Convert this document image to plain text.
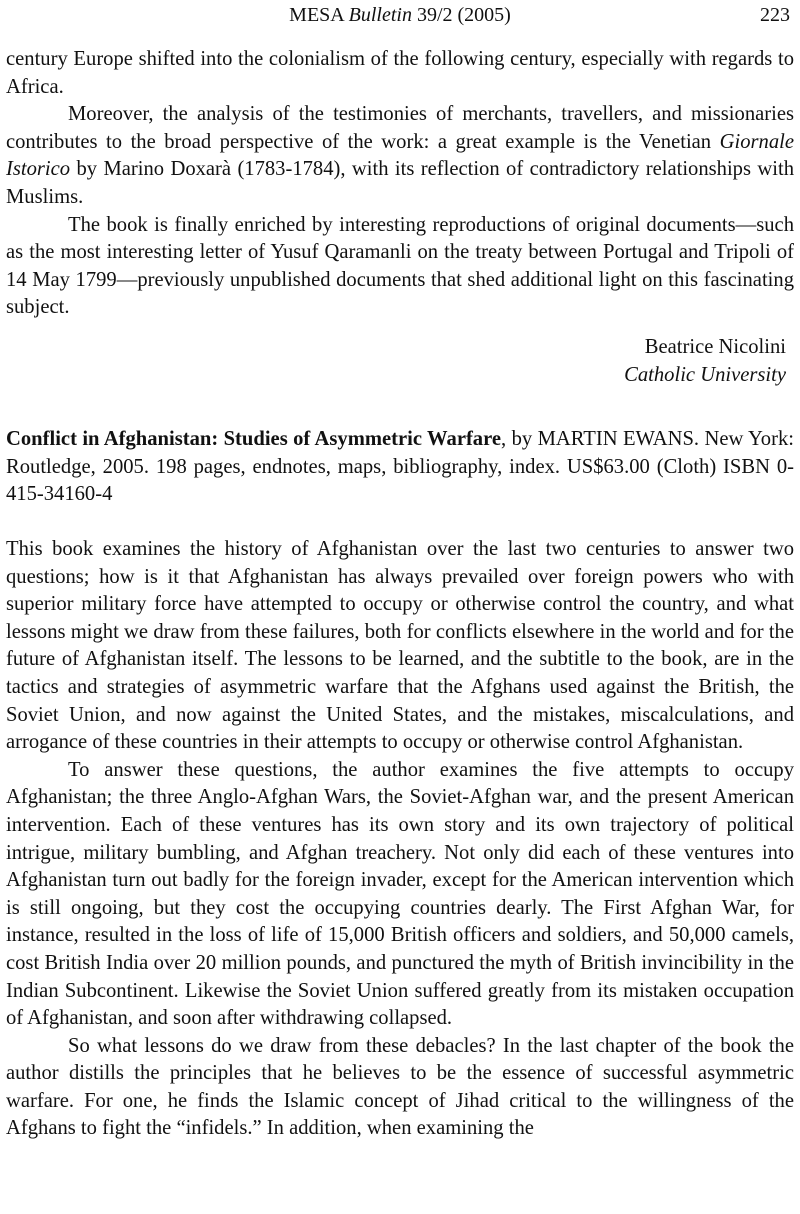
MESA Bulletin 39/2 (2005)	223

century Europe shifted into the colonialism of the following century, especially with regards to Africa.

Moreover, the analysis of the testimonies of merchants, travellers, and missionaries contributes to the broad perspective of the work: a great example is the Venetian Giornale Istorico by Marino Doxarà (1783-1784), with its reflection of contradictory relationships with Muslims.

The book is finally enriched by interesting reproductions of original documents—such as the most interesting letter of Yusuf Qaramanli on the treaty between Portugal and Tripoli of 14 May 1799—previously unpublished documents that shed additional light on this fascinating subject.

Beatrice Nicolini
Catholic University

Conflict in Afghanistan: Studies of Asymmetric Warfare, by MARTIN EWANS. New York: Routledge, 2005. 198 pages, endnotes, maps, bibliography, index. US$63.00 (Cloth) ISBN 0-415-34160-4

This book examines the history of Afghanistan over the last two centuries to answer two questions; how is it that Afghanistan has always prevailed over foreign powers who with superior military force have attempted to occupy or otherwise control the country, and what lessons might we draw from these failures, both for conflicts elsewhere in the world and for the future of Afghanistan itself. The lessons to be learned, and the subtitle to the book, are in the tactics and strategies of asymmetric warfare that the Afghans used against the British, the Soviet Union, and now against the United States, and the mistakes, miscalculations, and arrogance of these countries in their attempts to occupy or otherwise control Afghanistan.

To answer these questions, the author examines the five attempts to occupy Afghanistan; the three Anglo-Afghan Wars, the Soviet-Afghan war, and the present American intervention. Each of these ventures has its own story and its own trajectory of political intrigue, military bumbling, and Afghan treachery. Not only did each of these ventures into Afghanistan turn out badly for the foreign invader, except for the American intervention which is still ongoing, but they cost the occupying countries dearly. The First Afghan War, for instance, resulted in the loss of life of 15,000 British officers and soldiers, and 50,000 camels, cost British India over 20 million pounds, and punctured the myth of British invincibility in the Indian Subcontinent. Likewise the Soviet Union suffered greatly from its mistaken occupation of Afghanistan, and soon after withdrawing collapsed.

So what lessons do we draw from these debacles? In the last chapter of the book the author distills the principles that he believes to be the essence of successful asymmetric warfare. For one, he finds the Islamic concept of Jihad critical to the willingness of the Afghans to fight the “infidels.” In addition, when examining the
